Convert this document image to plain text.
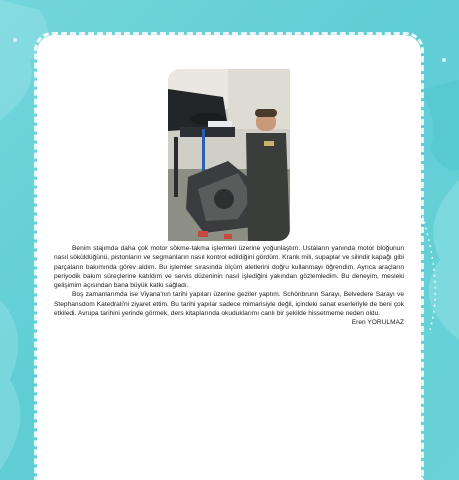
Benim stajımda daha çok motor sökme-takma işlemleri üzerine yoğunlaştım. Ustaların yanında motor bloğunun nasıl söküldüğünü, pistonların ve segmanların nasıl kontrol edildiğini gördüm. Krank mili, supaplar ve silindir kapağı gibi parçaların bakımında görev aldım. Bu işlemler sırasında ölçüm aletlerini doğru kullanmayı öğrendim. Ayrıca araçların periyodik bakım süreçlerine katıldım ve servis düzeninin nasıl işlediğini yakından gözlemledim. Bu deneyim, mesleki gelişimim açısından bana büyük katkı sağladı.

Boş zamanlarımda ise Viyana'nın tarihi yapıları üzerine geziler yaptım. Schönbrunn Sarayı, Belvedere Sarayı ve Stephansdom Katedrali'ni ziyaret ettim. Bu tarihi yapılar sadece mimarisiyle değil, içindeki sanat eserleriyle de beni çok etkiledi. Avrupa tarihini yerinde görmek, ders kitaplarında okuduklarımı canlı bir şekilde hissetmeme neden oldu.

Eren YORULMAZ
